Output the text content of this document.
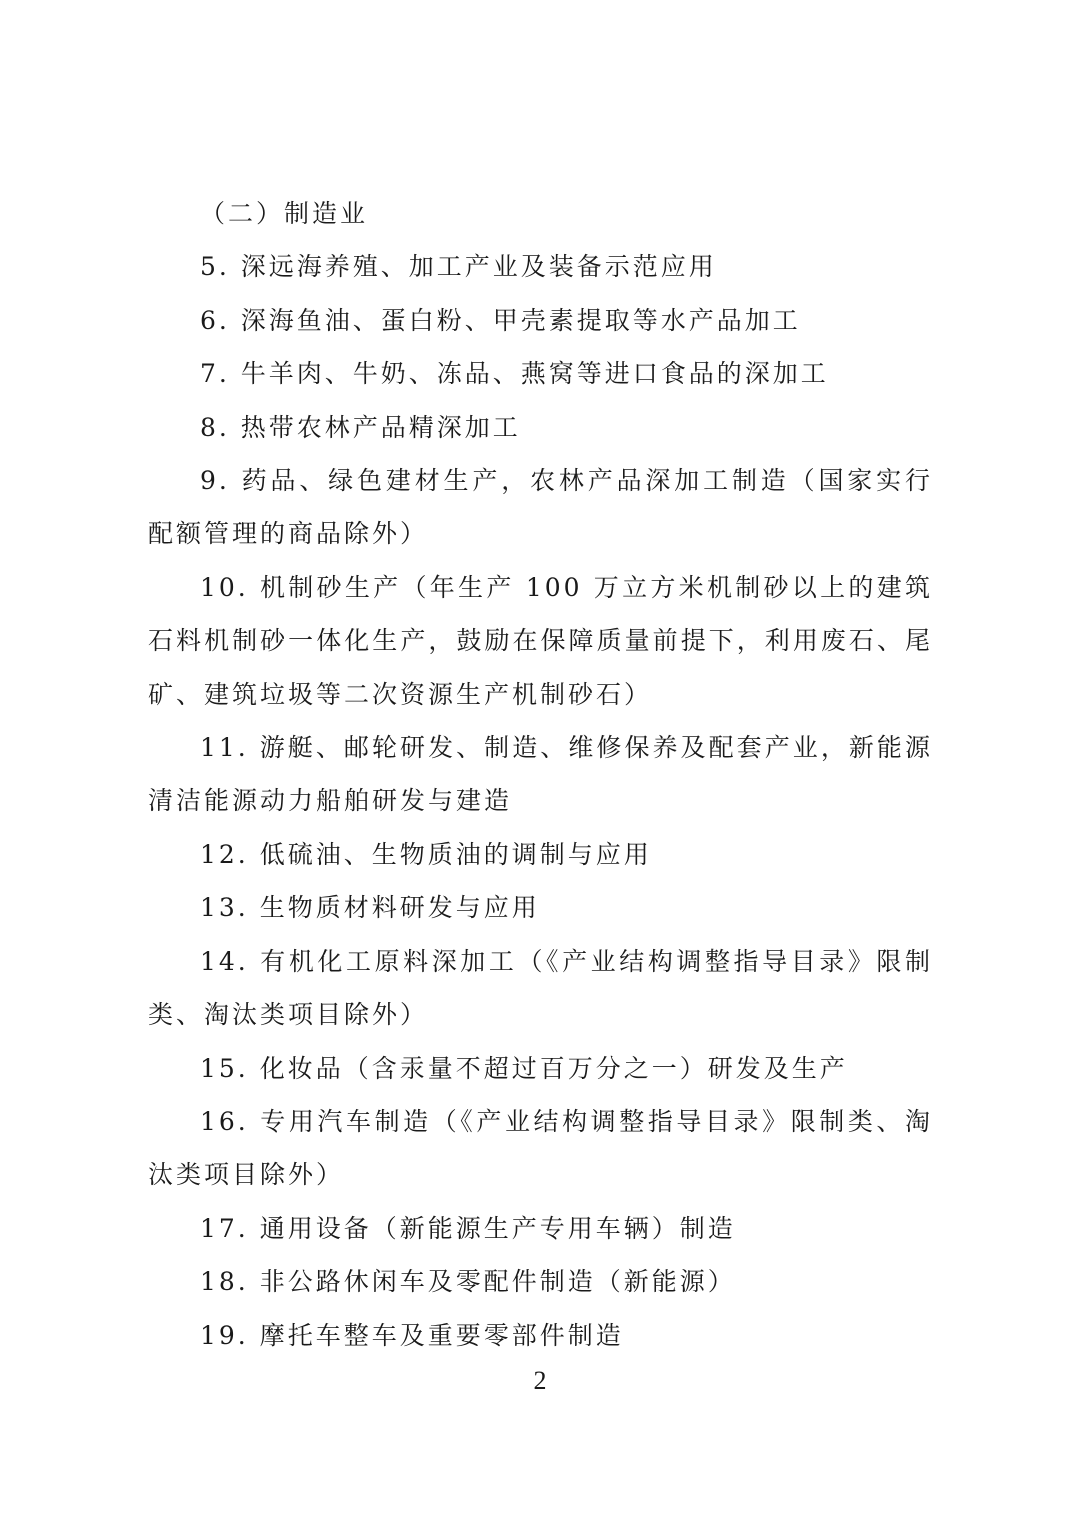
（二）制造业

5. 深远海养殖、加工产业及装备示范应用

6. 深海鱼油、蛋白粉、甲壳素提取等水产品加工

7. 牛羊肉、牛奶、冻品、燕窝等进口食品的深加工

8. 热带农林产品精深加工

9. 药品、绿色建材生产，农林产品深加工制造（国家实行配额管理的商品除外）

10. 机制砂生产（年生产 100 万立方米机制砂以上的建筑石料机制砂一体化生产，鼓励在保障质量前提下，利用废石、尾矿、建筑垃圾等二次资源生产机制砂石）

11. 游艇、邮轮研发、制造、维修保养及配套产业，新能源清洁能源动力船舶研发与建造

12. 低硫油、生物质油的调制与应用

13. 生物质材料研发与应用

14. 有机化工原料深加工（《产业结构调整指导目录》限制类、淘汰类项目除外）

15. 化妆品（含汞量不超过百万分之一）研发及生产

16. 专用汽车制造（《产业结构调整指导目录》限制类、淘汰类项目除外）

17. 通用设备（新能源生产专用车辆）制造

18. 非公路休闲车及零配件制造（新能源）

19. 摩托车整车及重要零部件制造

2
